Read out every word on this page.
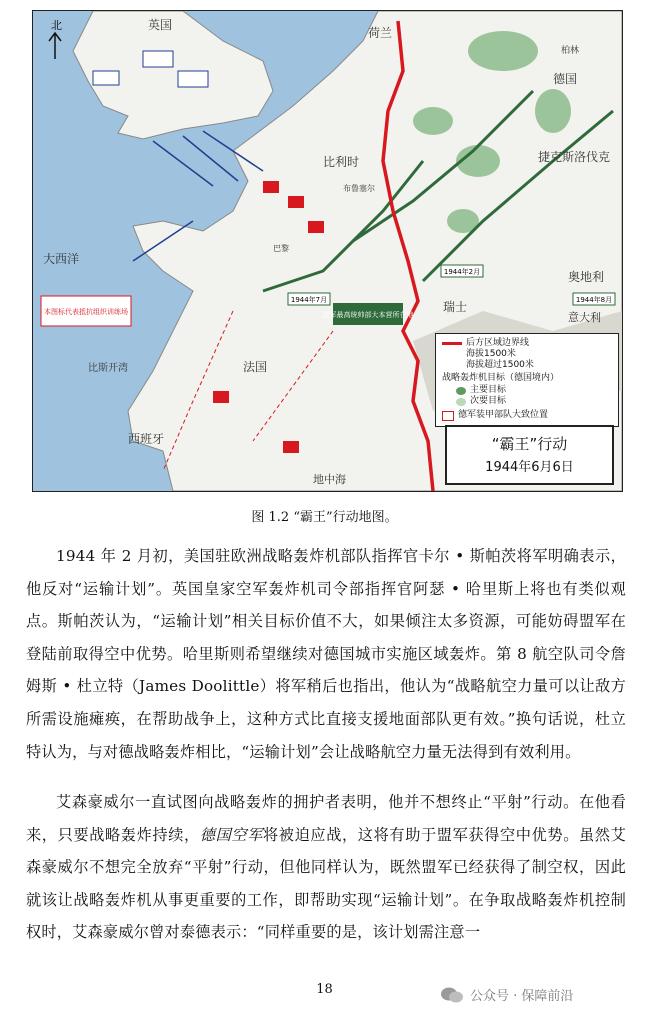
盟军最高统帅部大本营所在地
本图标代表抵抗组织训练场
1944年7月
1944年2月
1944年8月
北	英国
荷兰
比利时
德国
柏林
捷克斯洛伐克
奥地利
瑞士
意大利
法国
西班牙
地中海
大西洋
比斯开湾
布鲁塞尔
巴黎
后方区域边界线
海拔1500米
海拔超过1500米
战略轰炸机目标（德国境内）
主要目标
次要目标
德军装甲部队大致位置
“霸王”行动
1944年6月6日
图 1.2 “霸王”行动地图。
1944 年 2 月初，美国驻欧洲战略轰炸机部队指挥官卡尔 • 斯帕茨将军明确表示，他反对“运输计划”。英国皇家空军轰炸机司令部指挥官阿瑟 • 哈里斯上将也有类似观点。斯帕茨认为，“运输计划”相关目标价值不大，如果倾注太多资源，可能妨碍盟军在登陆前取得空中优势。哈里斯则希望继续对德国城市实施区域轰炸。第 8 航空队司令詹姆斯 • 杜立特（James Doolittle）将军稍后也指出，他认为“战略航空力量可以让敌方所需设施瘫痪，在帮助战争上，这种方式比直接支援地面部队更有效。”换句话说，杜立特认为，与对德战略轰炸相比，“运输计划”会让战略航空力量无法得到有效利用。
艾森豪威尔一直试图向战略轰炸的拥护者表明，他并不想终止“平射”行动。在他看来，只要战略轰炸持续，德国空军将被迫应战，这将有助于盟军获得空中优势。虽然艾森豪威尔不想完全放弃“平射”行动，但他同样认为，既然盟军已经获得了制空权，因此就该让战略轰炸机从事更重要的工作，即帮助实现“运输计划”。在争取战略轰炸机控制权时，艾森豪威尔曾对泰德表示：“同样重要的是，该计划需注意一
18	公众号 · 保障前沿
